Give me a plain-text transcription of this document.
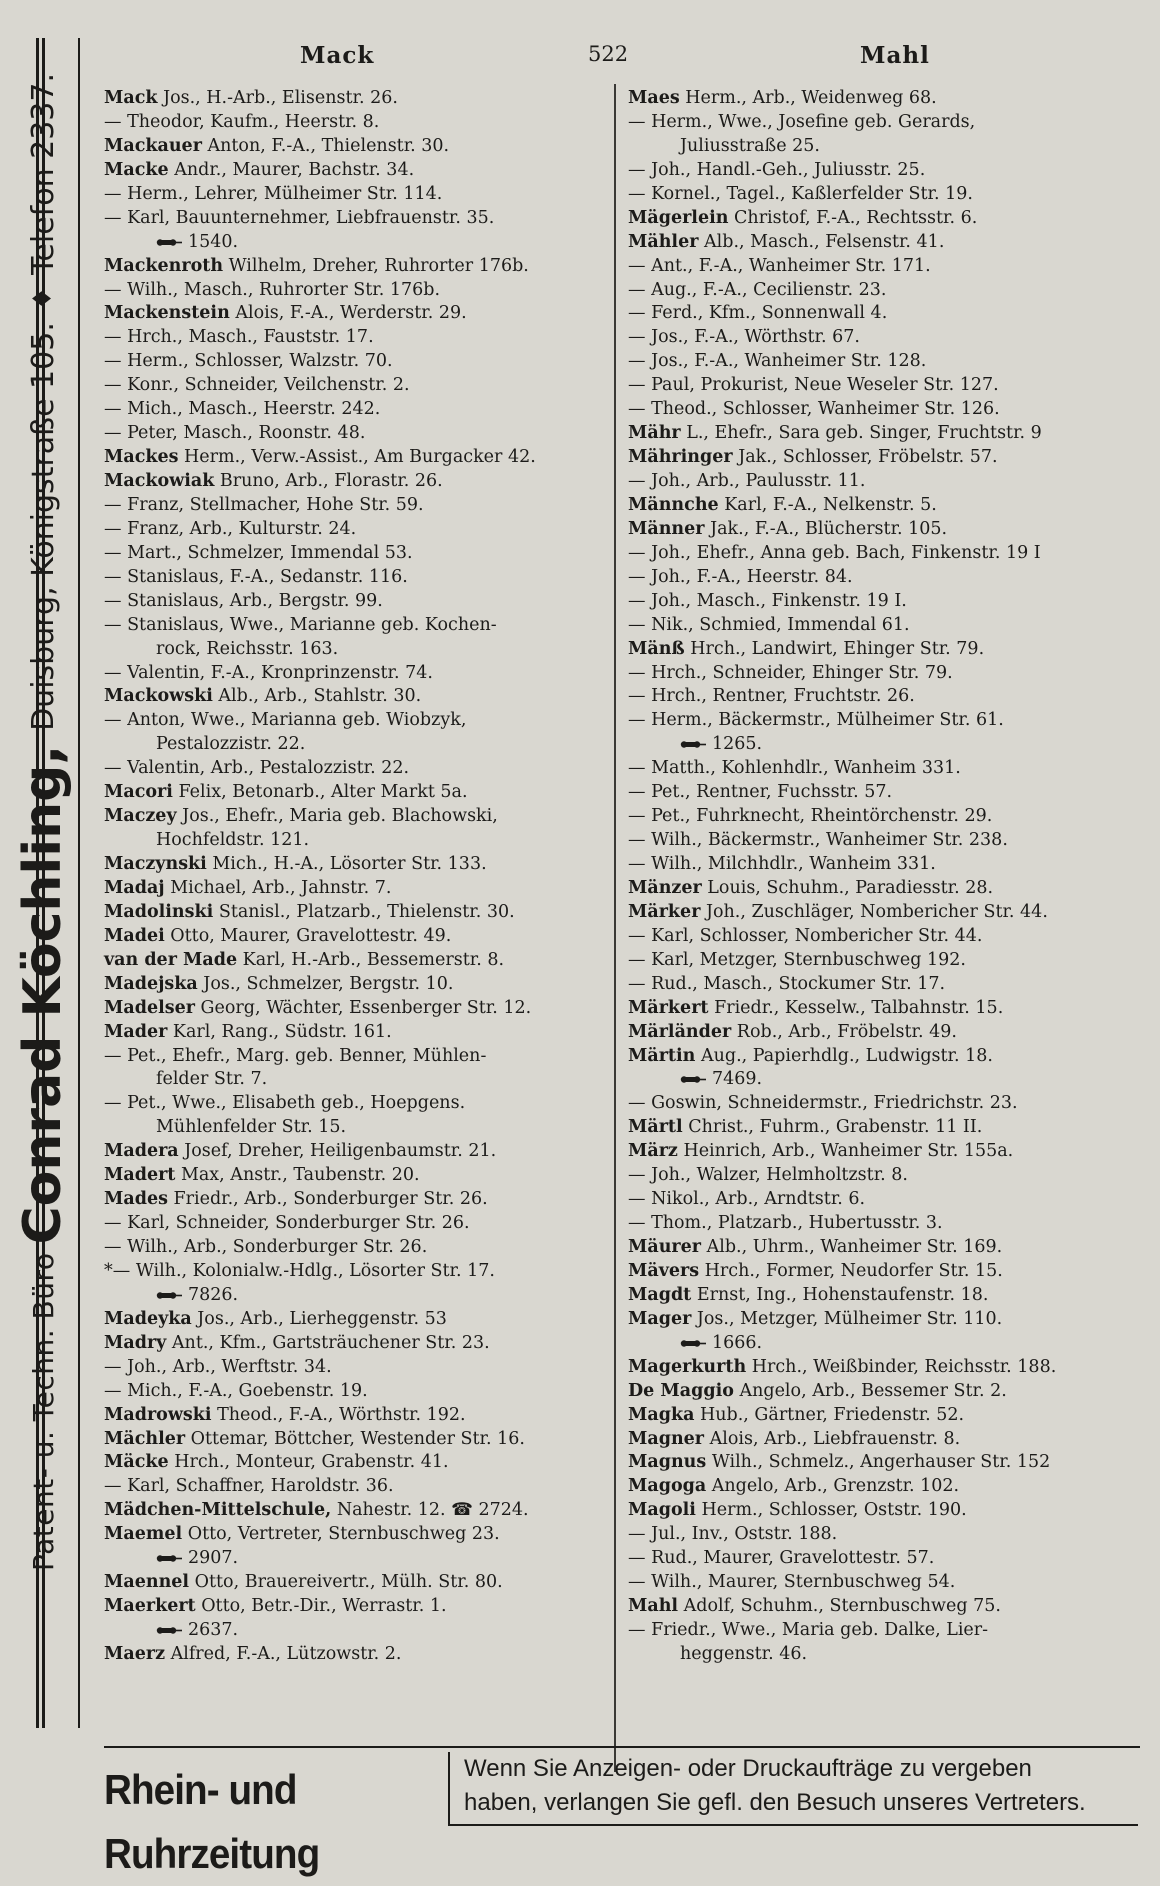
Patent- u. Techn. Büro
Conrad Köchling,
Duisburg, Königstraße 105.
♦
Telefon 2337.
Mack	522	Mahl
Mack Jos., H.-Arb., Elisenstr. 26.
— Theodor, Kaufm., Heerstr. 8.
Mackauer Anton, F.-A., Thielenstr. 30.
Macke Andr., Maurer, Bachstr. 34.
— Herm., Lehrer, Mülheimer Str. 114.
— Karl, Bauunternehmer, Liebfrauenstr. 35.
1540.
Mackenroth Wilhelm, Dreher, Ruhrorter 176b.
— Wilh., Masch., Ruhrorter Str. 176b.
Mackenstein Alois, F.-A., Werderstr. 29.
— Hrch., Masch., Fauststr. 17.
— Herm., Schlosser, Walzstr. 70.
— Konr., Schneider, Veilchenstr. 2.
— Mich., Masch., Heerstr. 242.
— Peter, Masch., Roonstr. 48.
Mackes Herm., Verw.-Assist., Am Burgacker 42.
Mackowiak Bruno, Arb., Florastr. 26.
— Franz, Stellmacher, Hohe Str. 59.
— Franz, Arb., Kulturstr. 24.
— Mart., Schmelzer, Immendal 53.
— Stanislaus, F.-A., Sedanstr. 116.
— Stanislaus, Arb., Bergstr. 99.
— Stanislaus, Wwe., Marianne geb. Kochen-
rock, Reichsstr. 163.
— Valentin, F.-A., Kronprinzenstr. 74.
Mackowski Alb., Arb., Stahlstr. 30.
— Anton, Wwe., Marianna geb. Wiobzyk,
Pestalozzistr. 22.
— Valentin, Arb., Pestalozzistr. 22.
Macori Felix, Betonarb., Alter Markt 5a.
Maczey Jos., Ehefr., Maria geb. Blachowski,
Hochfeldstr. 121.
Maczynski Mich., H.-A., Lösorter Str. 133.
Madaj Michael, Arb., Jahnstr. 7.
Madolinski Stanisl., Platzarb., Thielenstr. 30.
Madei Otto, Maurer, Gravelottestr. 49.
van der Made Karl, H.-Arb., Bessemerstr. 8.
Madejska Jos., Schmelzer, Bergstr. 10.
Madelser Georg, Wächter, Essenberger Str. 12.
Mader Karl, Rang., Südstr. 161.
— Pet., Ehefr., Marg. geb. Benner, Mühlen-
felder Str. 7.
— Pet., Wwe., Elisabeth geb., Hoepgens.
Mühlenfelder Str. 15.
Madera Josef, Dreher, Heiligenbaumstr. 21.
Madert Max, Anstr., Taubenstr. 20.
Mades Friedr., Arb., Sonderburger Str. 26.
— Karl, Schneider, Sonderburger Str. 26.
— Wilh., Arb., Sonderburger Str. 26.
*— Wilh., Kolonialw.-Hdlg., Lösorter Str. 17.
7826.
Madeyka Jos., Arb., Lierheggenstr. 53
Madry Ant., Kfm., Gartsträuchener Str. 23.
— Joh., Arb., Werftstr. 34.
— Mich., F.-A., Goebenstr. 19.
Madrowski Theod., F.-A., Wörthstr. 192.
Mächler Ottemar, Böttcher, Westender Str. 16.
Mäcke Hrch., Monteur, Grabenstr. 41.
— Karl, Schaffner, Haroldstr. 36.
Mädchen-Mittelschule, Nahestr. 12. ☎ 2724.
Maemel Otto, Vertreter, Sternbuschweg 23.
2907.
Maennel Otto, Brauereivertr., Mülh. Str. 80.
Maerkert Otto, Betr.-Dir., Werrastr. 1.
2637.
Maerz Alfred, F.-A., Lützowstr. 2.
Maes Herm., Arb., Weidenweg 68.
— Herm., Wwe., Josefine geb. Gerards,
Juliusstraße 25.
— Joh., Handl.-Geh., Juliusstr. 25.
— Kornel., Tagel., Kaßlerfelder Str. 19.
Mägerlein Christof, F.-A., Rechtsstr. 6.
Mähler Alb., Masch., Felsenstr. 41.
— Ant., F.-A., Wanheimer Str. 171.
— Aug., F.-A., Cecilienstr. 23.
— Ferd., Kfm., Sonnenwall 4.
— Jos., F.-A., Wörthstr. 67.
— Jos., F.-A., Wanheimer Str. 128.
— Paul, Prokurist, Neue Weseler Str. 127.
— Theod., Schlosser, Wanheimer Str. 126.
Mähr L., Ehefr., Sara geb. Singer, Fruchtstr. 9
Mähringer Jak., Schlosser, Fröbelstr. 57.
— Joh., Arb., Paulusstr. 11.
Männche Karl, F.-A., Nelkenstr. 5.
Männer Jak., F.-A., Blücherstr. 105.
— Joh., Ehefr., Anna geb. Bach, Finkenstr. 19 I
— Joh., F.-A., Heerstr. 84.
— Joh., Masch., Finkenstr. 19 I.
— Nik., Schmied, Immendal 61.
Mänß Hrch., Landwirt, Ehinger Str. 79.
— Hrch., Schneider, Ehinger Str. 79.
— Hrch., Rentner, Fruchtstr. 26.
— Herm., Bäckermstr., Mülheimer Str. 61.
1265.
— Matth., Kohlenhdlr., Wanheim 331.
— Pet., Rentner, Fuchsstr. 57.
— Pet., Fuhrknecht, Rheintörchenstr. 29.
— Wilh., Bäckermstr., Wanheimer Str. 238.
— Wilh., Milchhdlr., Wanheim 331.
Mänzer Louis, Schuhm., Paradiesstr. 28.
Märker Joh., Zuschläger, Nombericher Str. 44.
— Karl, Schlosser, Nombericher Str. 44.
— Karl, Metzger, Sternbuschweg 192.
— Rud., Masch., Stockumer Str. 17.
Märkert Friedr., Kesselw., Talbahnstr. 15.
Märländer Rob., Arb., Fröbelstr. 49.
Märtin Aug., Papierhdlg., Ludwigstr. 18.
7469.
— Goswin, Schneidermstr., Friedrichstr. 23.
Märtl Christ., Fuhrm., Grabenstr. 11 II.
März Heinrich, Arb., Wanheimer Str. 155a.
— Joh., Walzer, Helmholtzstr. 8.
— Nikol., Arb., Arndtstr. 6.
— Thom., Platzarb., Hubertusstr. 3.
Mäurer Alb., Uhrm., Wanheimer Str. 169.
Mävers Hrch., Former, Neudorfer Str. 15.
Magdt Ernst, Ing., Hohenstaufenstr. 18.
Mager Jos., Metzger, Mülheimer Str. 110.
1666.
Magerkurth Hrch., Weißbinder, Reichsstr. 188.
De Maggio Angelo, Arb., Bessemer Str. 2.
Magka Hub., Gärtner, Friedenstr. 52.
Magner Alois, Arb., Liebfrauenstr. 8.
Magnus Wilh., Schmelz., Angerhauser Str. 152
Magoga Angelo, Arb., Grenzstr. 102.
Magoli Herm., Schlosser, Oststr. 190.
— Jul., Inv., Oststr. 188.
— Rud., Maurer, Gravelottestr. 57.
— Wilh., Maurer, Sternbuschweg 54.
Mahl Adolf, Schuhm., Sternbuschweg 75.
— Friedr., Wwe., Maria geb. Dalke, Lier-
heggenstr. 46.
Rhein- und Ruhrzeitung
Wenn Sie Anzeigen- oder Druckaufträge zu vergeben
haben, verlangen Sie gefl. den Besuch unseres Vertreters.
